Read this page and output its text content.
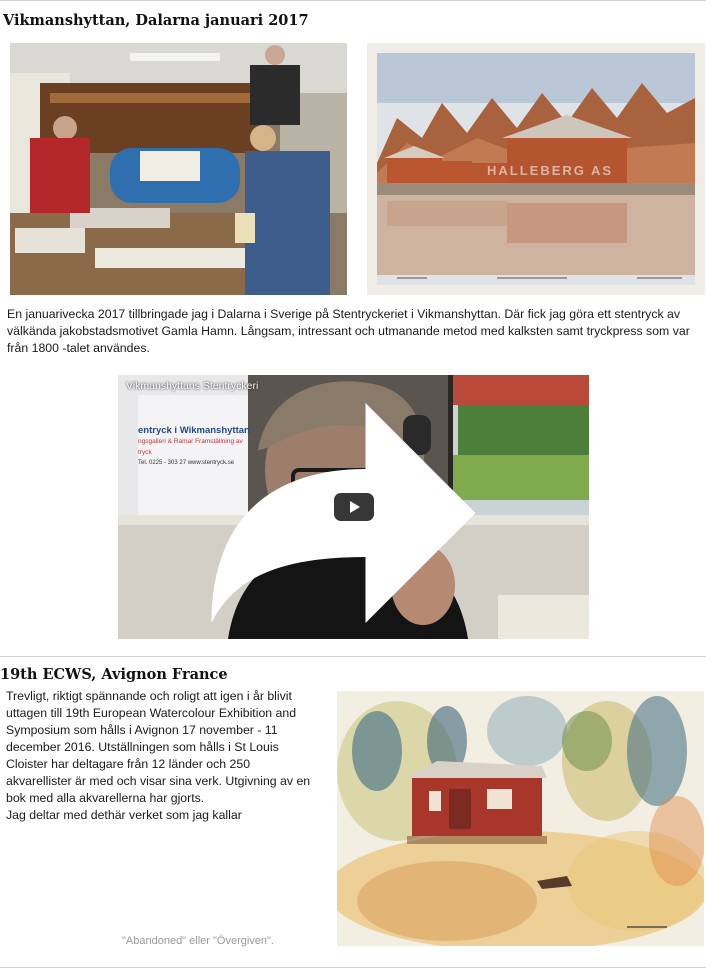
Vikmanshyttan, Dalarna januari 2017
HALLEBERG AS
En januarivecka 2017 tillbringade jag i Dalarna i Sverige på Stentryckeriet i Vikmanshyttan. Där fick jag göra ett stentryck av välkända jakobstadsmotivet Gamla Hamn. Långsam, intressant och utmanande metod med kalksten samt tryckpress som var från 1800 -talet användes.
entryck i Wikmanshyttan
ngsgalleri & Ramar Framställning av tryck
Tel. 0225 - 303 27 www.stentryck.se
Vikmanshyttans Stentryckeri
19th ECWS, Avignon France
Trevligt, riktigt spännande och roligt att igen i år blivit
uttagen till 19th European Watercolour Exhibition and
Symposium som hålls i Avignon 17 november - 11
december 2016. Utställningen som hålls i St Louis
Cloister har deltagare från 12 länder och 250
akvarellister är med och visar sina verk. Utgivning av en
bok med alla akvarellerna har gjorts.
Jag deltar med dethär verket som jag kallar
"Abandoned" eller "Övergiven".
